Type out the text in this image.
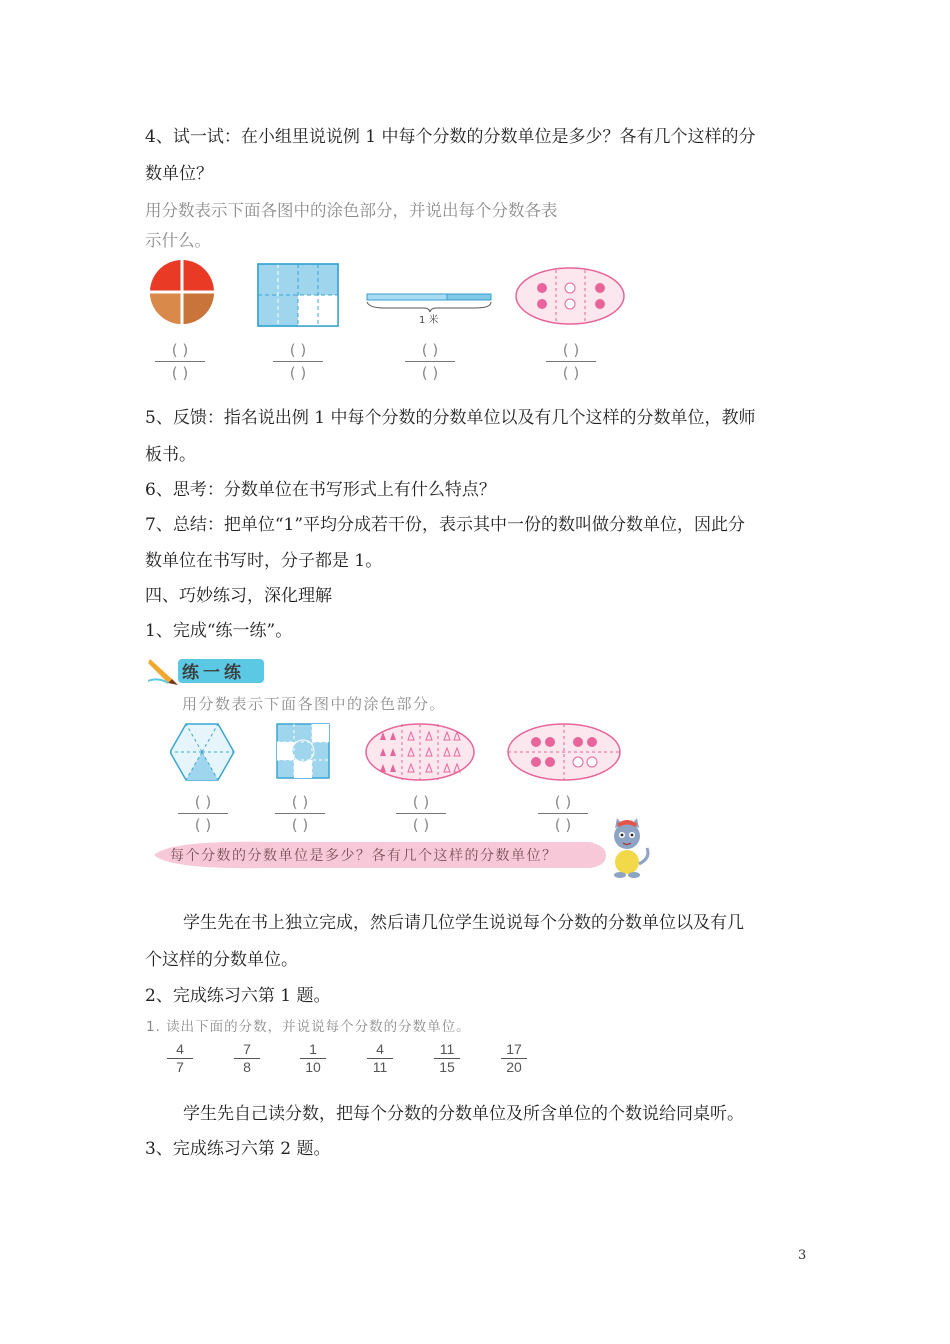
4、试一试：在小组里说说例 1 中每个分数的分数单位是多少？各有几个这样的分
数单位？
用分数表示下面各图中的涂色部分，并说出每个分数各表
示什么。
1 米
( )
( )
( )
( )
( )
( )
( )
( )
5、反馈：指名说出例 1 中每个分数的分数单位以及有几个这样的分数单位，教师
板书。
6、思考：分数单位在书写形式上有什么特点？
7、总结：把单位“1”平均分成若干份，表示其中一份的数叫做分数单位，因此分
数单位在书写时，分子都是 1。
四、巧妙练习，深化理解
1、完成“练一练”。
练一练
用分数表示下面各图中的涂色部分。
( )
( )
( )
( )
( )
( )
( )
( )
每个分数的分数单位是多少？各有几个这样的分数单位？
学生先在书上独立完成，然后请几位学生说说每个分数的分数单位以及有几
个这样的分数单位。
2、完成练习六第 1 题。
1. 读出下面的分数，并说说每个分数的分数单位。
4
7
7
8
1
10
4
11
11
15
17
20
学生先自己读分数，把每个分数的分数单位及所含单位的个数说给同桌听。
3、完成练习六第 2 题。
3
